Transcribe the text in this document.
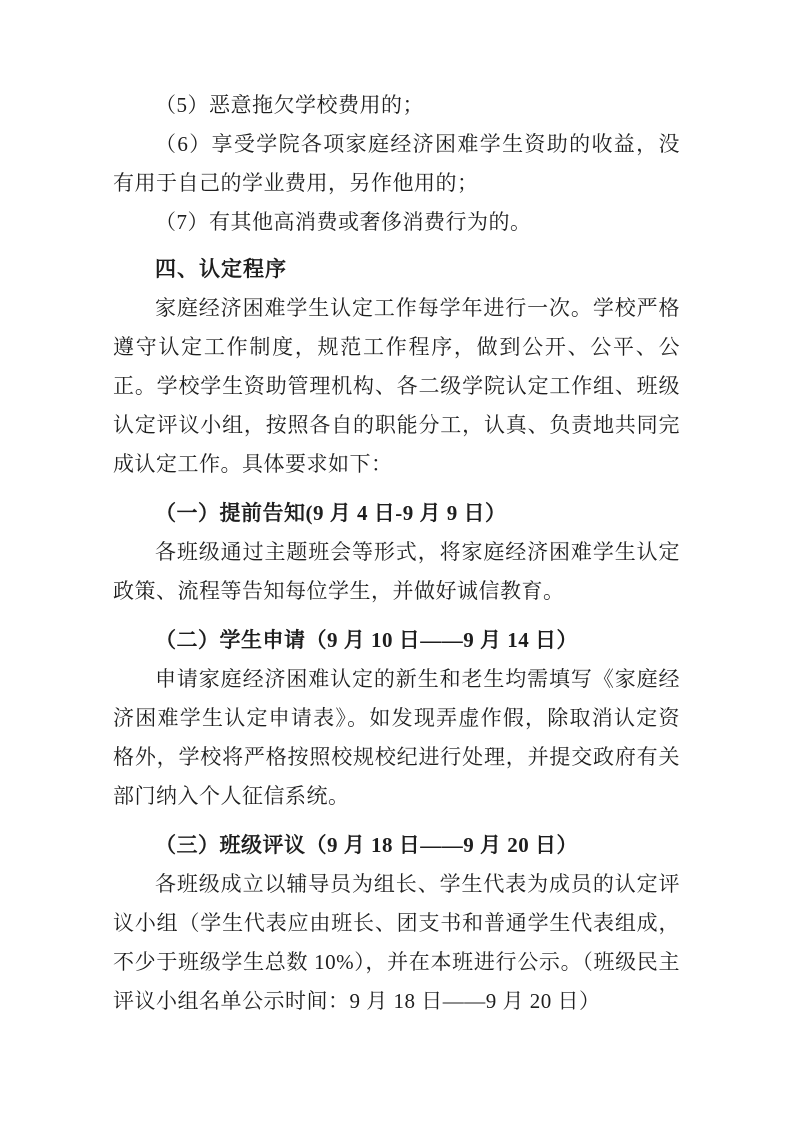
（5）恶意拖欠学校费用的；

（6）享受学院各项家庭经济困难学生资助的收益，没有用于自己的学业费用，另作他用的；

（7）有其他高消费或奢侈消费行为的。

四、认定程序

家庭经济困难学生认定工作每学年进行一次。学校严格遵守认定工作制度，规范工作程序，做到公开、公平、公正。学校学生资助管理机构、各二级学院认定工作组、班级认定评议小组，按照各自的职能分工，认真、负责地共同完成认定工作。具体要求如下：

（一）提前告知(9 月 4 日-9 月 9 日）

各班级通过主题班会等形式，将家庭经济困难学生认定政策、流程等告知每位学生，并做好诚信教育。

（二）学生申请（9 月 10 日——9 月 14 日）

申请家庭经济困难认定的新生和老生均需填写《家庭经济困难学生认定申请表》。如发现弄虚作假，除取消认定资格外，学校将严格按照校规校纪进行处理，并提交政府有关部门纳入个人征信系统。

（三）班级评议（9 月 18 日——9 月 20 日）

各班级成立以辅导员为组长、学生代表为成员的认定评议小组（学生代表应由班长、团支书和普通学生代表组成，不少于班级学生总数 10%），并在本班进行公示。（班级民主评议小组名单公示时间：9 月 18 日——9 月 20 日）
